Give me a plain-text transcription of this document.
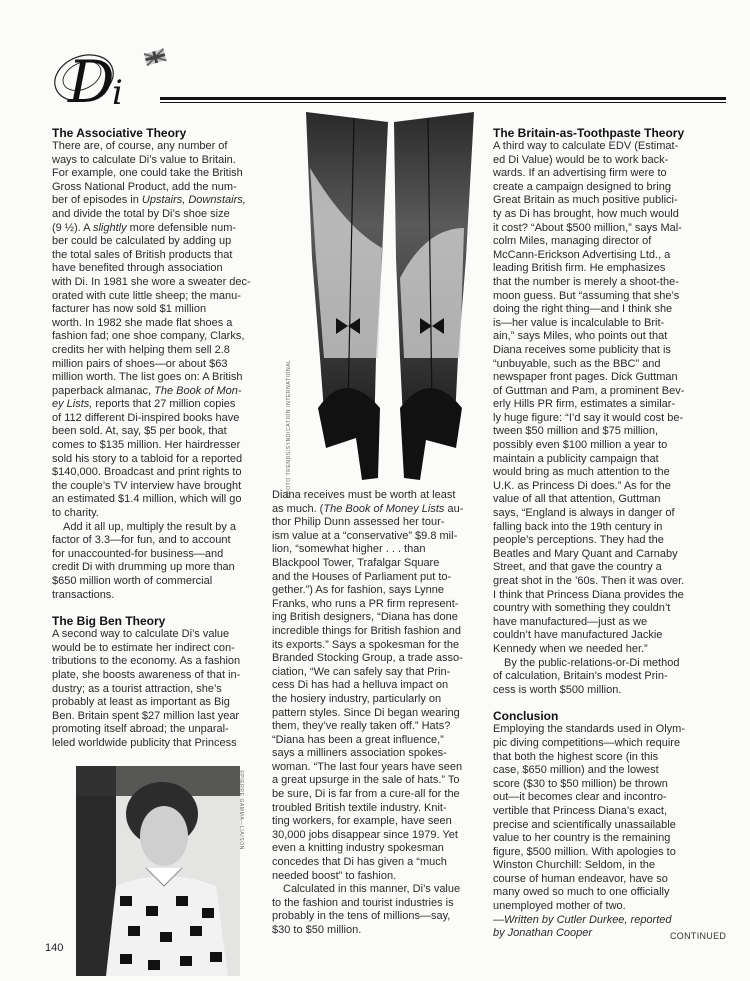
D
i
PHOTO TRENDS/SYNDICATION INTERNATIONAL
©PIERRE GAMMA—LIAISON
The Associative Theory
There are, of course, any number of
ways to calculate Di’s value to Britain.
For example, one could take the British
Gross National Product, add the num-
ber of episodes in Upstairs, Downstairs,
and divide the total by Di’s shoe size
(9 ½). A slightly more defensible num-
ber could be calculated by adding up
the total sales of British products that
have benefited through association
with Di. In 1981 she wore a sweater dec-
orated with cute little sheep; the manu-
facturer has now sold $1 million
worth. In 1982 she made flat shoes a
fashion fad; one shoe company, Clarks,
credits her with helping them sell 2.8
million pairs of shoes—or about $63
million worth. The list goes on: A British
paperback almanac, The Book of Mon-
ey Lists, reports that 27 million copies
of 112 different Di-inspired books have
been sold. At, say, $5 per book, that
comes to $135 million. Her hairdresser
sold his story to a tabloid for a reported
$140,000. Broadcast and print rights to
the couple’s TV interview have brought
an estimated $1.4 million, which will go
to charity.
Add it all up, multiply the result by a
factor of 3.3—for fun, and to account
for unaccounted-for business—and
credit Di with drumming up more than
$650 million worth of commercial
transactions.
The Big Ben Theory
A second way to calculate Di’s value
would be to estimate her indirect con-
tributions to the economy. As a fashion
plate, she boosts awareness of that in-
dustry; as a tourist attraction, she’s
probably at least as important as Big
Ben. Britain spent $27 million last year
promoting itself abroad; the unparal-
leled worldwide publicity that Princess
Diana receives must be worth at least
as much. (The Book of Money Lists au-
thor Philip Dunn assessed her tour-
ism value at a “conservative” $9.8 mil-
lion, “somewhat higher . . . than
Blackpool Tower, Trafalgar Square
and the Houses of Parliament put to-
gether.”) As for fashion, says Lynne
Franks, who runs a PR firm represent-
ing British designers, “Diana has done
incredible things for British fashion and
its exports.” Says a spokesman for the
Branded Stocking Group, a trade asso-
ciation, “We can safely say that Prin-
cess Di has had a helluva impact on
the hosiery industry, particularly on
pattern styles. Since Di began wearing
them, they’ve really taken off.” Hats?
“Diana has been a great influence,”
says a milliners association spokes-
woman. “The last four years have seen
a great upsurge in the sale of hats.” To
be sure, Di is far from a cure-all for the
troubled British textile industry. Knit-
ting workers, for example, have seen
30,000 jobs disappear since 1979. Yet
even a knitting industry spokesman
concedes that Di has given a “much
needed boost” to fashion.
Calculated in this manner, Di’s value
to the fashion and tourist industries is
probably in the tens of millions—say,
$30 to $50 million.
The Britain-as-Toothpaste Theory
A third way to calculate EDV (Estimat-
ed Di Value) would be to work back-
wards. If an advertising firm were to
create a campaign designed to bring
Great Britain as much positive publici-
ty as Di has brought, how much would
it cost? “About $500 million,” says Mal-
colm Miles, managing director of
McCann-Erickson Advertising Ltd., a
leading British firm. He emphasizes
that the number is merely a shoot-the-
moon guess. But “assuming that she’s
doing the right thing—and I think she
is—her value is incalculable to Brit-
ain,” says Miles, who points out that
Diana receives some publicity that is
“unbuyable, such as the BBC” and
newspaper front pages. Dick Guttman
of Guttman and Pam, a prominent Bev-
erly Hills PR firm, estimates a similar-
ly huge figure: “I’d say it would cost be-
tween $50 million and $75 million,
possibly even $100 million a year to
maintain a publicity campaign that
would bring as much attention to the
U.K. as Princess Di does.” As for the
value of all that attention, Guttman
says, “England is always in danger of
falling back into the 19th century in
people’s perceptions. They had the
Beatles and Mary Quant and Carnaby
Street, and that gave the country a
great shot in the ’60s. Then it was over.
I think that Princess Diana provides the
country with something they couldn’t
have manufactured—just as we
couldn’t have manufactured Jackie
Kennedy when we needed her.”
By the public-relations-or-Di method
of calculation, Britain’s modest Prin-
cess is worth $500 million.
Conclusion
Employing the standards used in Olym-
pic diving competitions—which require
that both the highest score (in this
case, $650 million) and the lowest
score ($30 to $50 million) be thrown
out—it becomes clear and incontro-
vertible that Princess Diana’s exact,
precise and scientifically unassailable
value to her country is the remaining
figure, $500 million. With apologies to
Winston Churchill: Seldom, in the
course of human endeavor, have so
many owed so much to one officially
unemployed mother of two.
—Written by Cutler Durkee, reported
by Jonathan Cooper
140
CONTINUED
